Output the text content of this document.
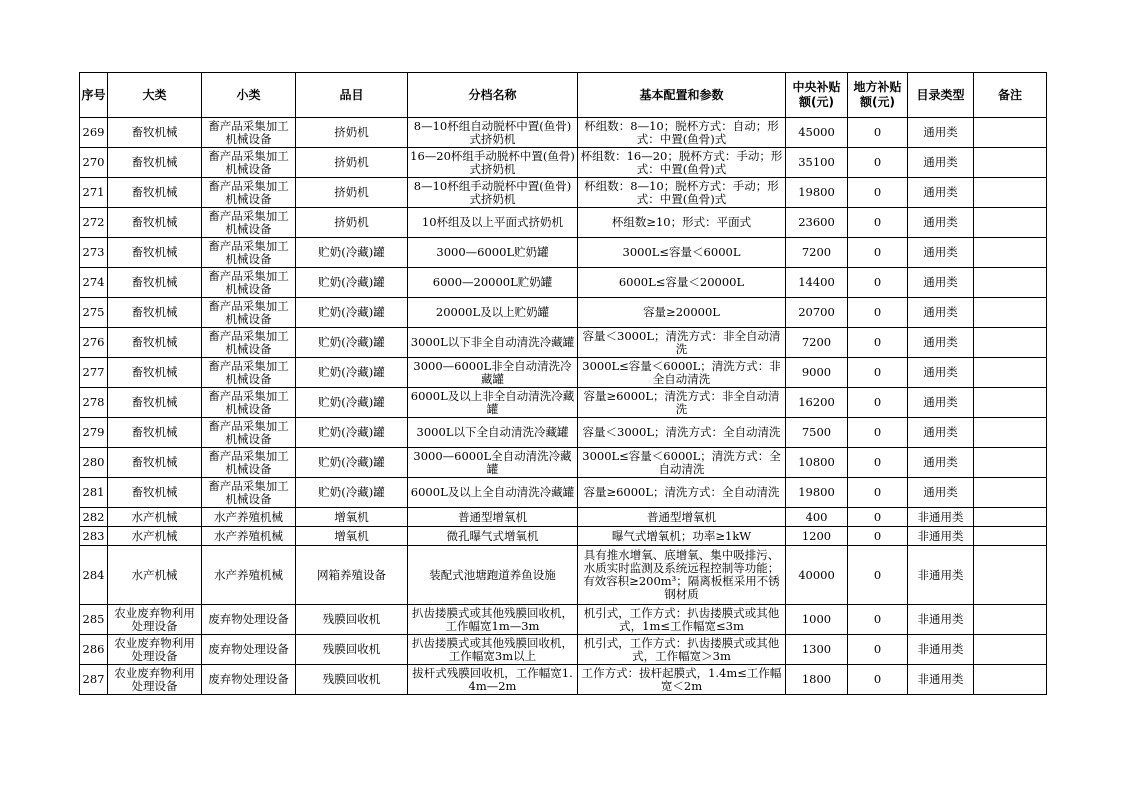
序号	大类	小类	品目	分档名称	基本配置和参数	中央补贴额(元)	地方补贴额(元)	目录类型	备注

269	畜牧机械	畜产品采集加工机械设备	挤奶机	8—10杯组自动脱杯中置(鱼骨)式挤奶机	杯组数：8—10；脱杯方式：自动；形式：中置(鱼骨)式	45000	0	通用类	

270	畜牧机械	畜产品采集加工机械设备	挤奶机	16—20杯组手动脱杯中置(鱼骨)式挤奶机	杯组数：16—20；脱杯方式：手动；形式：中置(鱼骨)式	35100	0	通用类	

271	畜牧机械	畜产品采集加工机械设备	挤奶机	8—10杯组手动脱杯中置(鱼骨)式挤奶机	杯组数：8—10；脱杯方式：手动；形式：中置(鱼骨)式	19800	0	通用类	

272	畜牧机械	畜产品采集加工机械设备	挤奶机	10杯组及以上平面式挤奶机	杯组数≥10；形式：平面式	23600	0	通用类	

273	畜牧机械	畜产品采集加工机械设备	贮奶(冷藏)罐	3000—6000L贮奶罐	3000L≤容量＜6000L	7200	0	通用类	

274	畜牧机械	畜产品采集加工机械设备	贮奶(冷藏)罐	6000—20000L贮奶罐	6000L≤容量＜20000L	14400	0	通用类	

275	畜牧机械	畜产品采集加工机械设备	贮奶(冷藏)罐	20000L及以上贮奶罐	容量≥20000L	20700	0	通用类	

276	畜牧机械	畜产品采集加工机械设备	贮奶(冷藏)罐	3000L以下非全自动清洗冷藏罐	容量＜3000L；清洗方式：非全自动清洗	7200	0	通用类	

277	畜牧机械	畜产品采集加工机械设备	贮奶(冷藏)罐	3000—6000L非全自动清洗冷藏罐	3000L≤容量＜6000L；清洗方式：非全自动清洗	9000	0	通用类	

278	畜牧机械	畜产品采集加工机械设备	贮奶(冷藏)罐	6000L及以上非全自动清洗冷藏罐	容量≥6000L；清洗方式：非全自动清洗	16200	0	通用类	

279	畜牧机械	畜产品采集加工机械设备	贮奶(冷藏)罐	3000L以下全自动清洗冷藏罐	容量＜3000L；清洗方式：全自动清洗	7500	0	通用类	

280	畜牧机械	畜产品采集加工机械设备	贮奶(冷藏)罐	3000—6000L全自动清洗冷藏罐	3000L≤容量＜6000L；清洗方式：全自动清洗	10800	0	通用类	

281	畜牧机械	畜产品采集加工机械设备	贮奶(冷藏)罐	6000L及以上全自动清洗冷藏罐	容量≥6000L；清洗方式：全自动清洗	19800	0	通用类	

282	水产机械	水产养殖机械	增氧机	普通型增氧机	普通型增氧机	400	0	非通用类	

283	水产机械	水产养殖机械	增氧机	微孔曝气式增氧机	曝气式增氧机；功率≥1kW	1200	0	非通用类	

284	水产机械	水产养殖机械	网箱养殖设备	装配式池塘跑道养鱼设施	具有推水增氧、底增氧、集中吸排污、水质实时监测及系统远程控制等功能；有效容积≥200m³；隔离板框采用不锈钢材质	40000	0	非通用类	

285	农业废弃物利用处理设备	废弃物处理设备	残膜回收机	扒齿搂膜式或其他残膜回收机，工作幅宽1m—3m	机引式，工作方式：扒齿搂膜式或其他式，1m≤工作幅宽≤3m	1000	0	非通用类	

286	农业废弃物利用处理设备	废弃物处理设备	残膜回收机	扒齿搂膜式或其他残膜回收机，工作幅宽3m以上	机引式，工作方式：扒齿搂膜式或其他式，工作幅宽＞3m	1300	0	非通用类	

287	农业废弃物利用处理设备	废弃物处理设备	残膜回收机	拔杆式残膜回收机，工作幅宽1.4m—2m	工作方式：拔杆起膜式，1.4m≤工作幅宽＜2m	1800	0	非通用类	
